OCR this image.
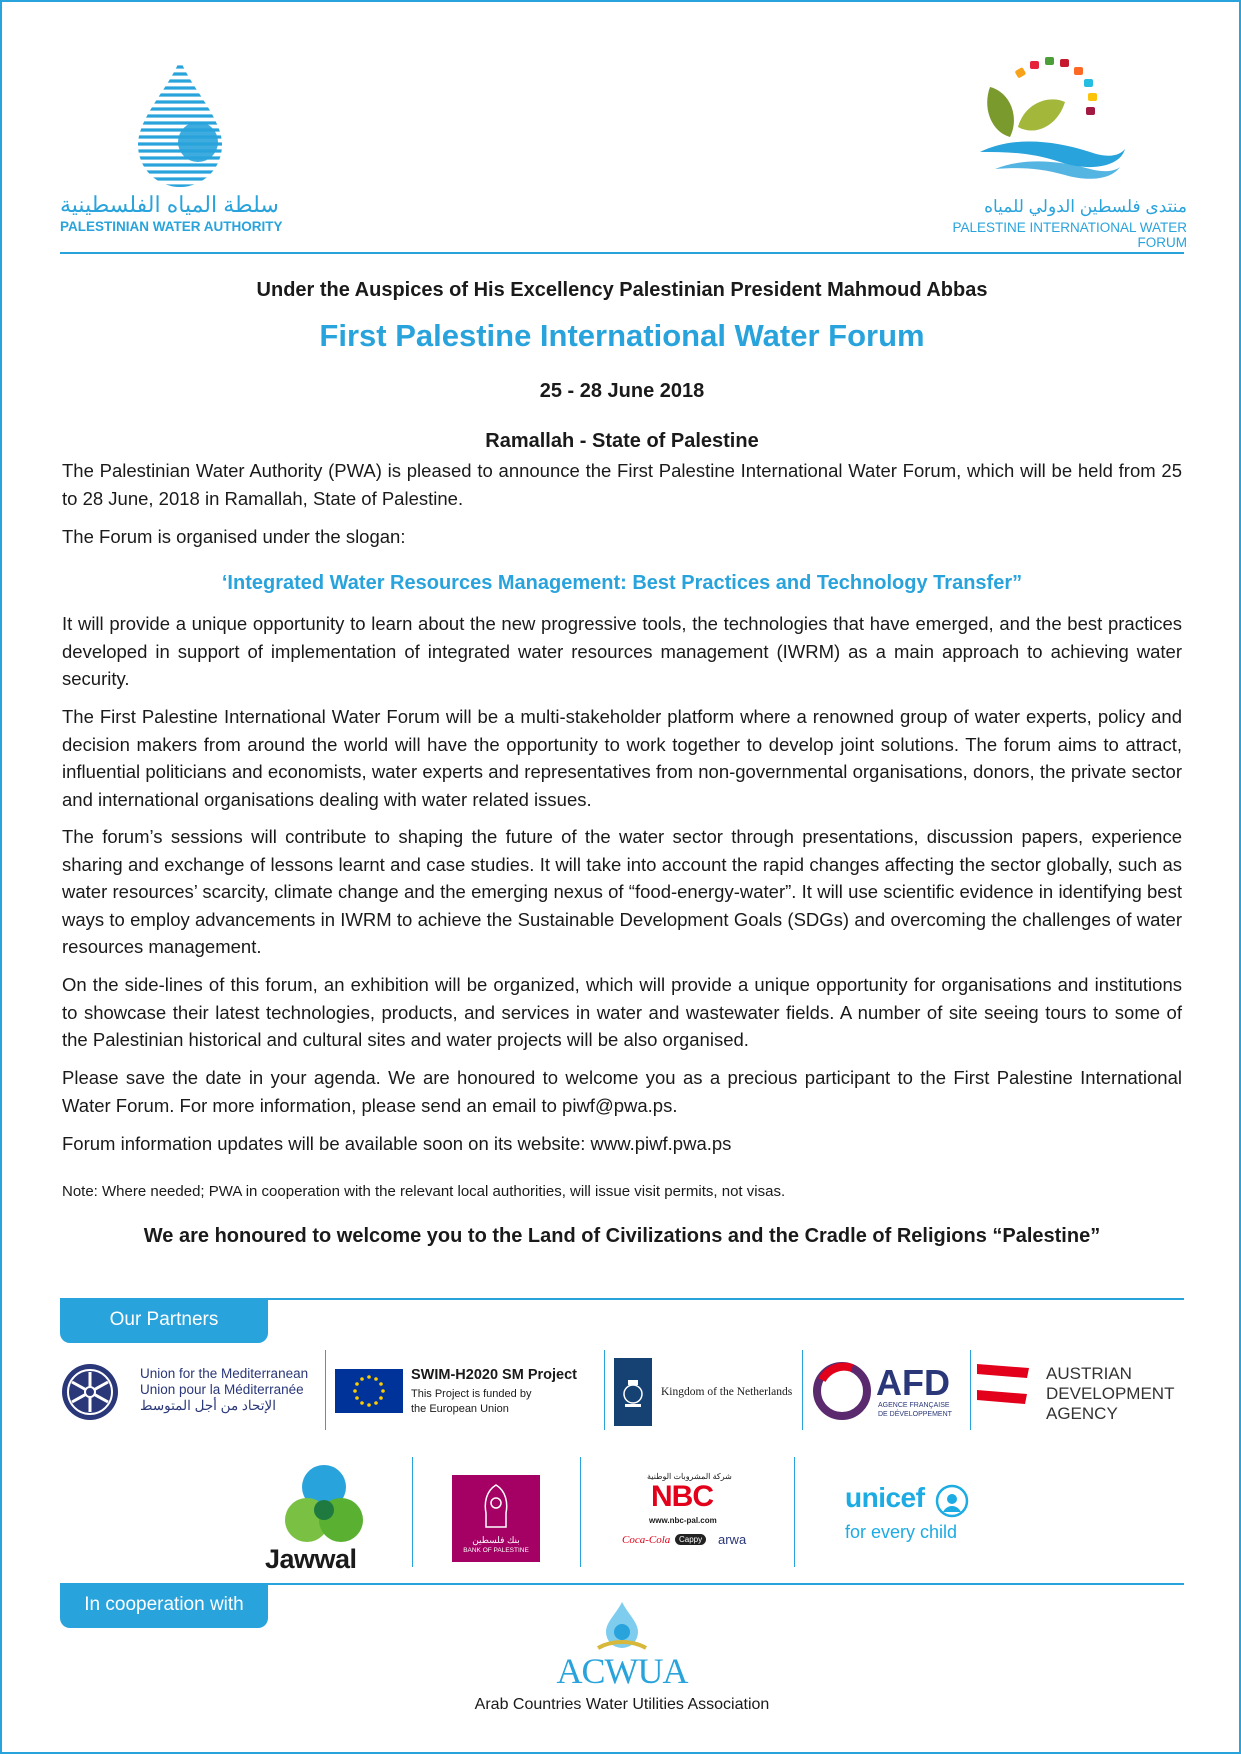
سلطة المياه الفلسطينية
PALESTINIAN WATER AUTHORITY
منتدى فلسطين الدولي للمياه
PALESTINE INTERNATIONAL WATER FORUM
Under the Auspices of His Excellency Palestinian President Mahmoud Abbas
First Palestine International Water Forum
25 - 28 June 2018
Ramallah - State of Palestine
The Palestinian Water Authority (PWA) is pleased to announce the First Palestine International Water Forum, which will be held from 25 to 28 June, 2018 in Ramallah, State of Palestine.
The Forum is organised under the slogan:
‘Integrated Water Resources Management: Best Practices and Technology Transfer”
It will provide a unique opportunity to learn about the new progressive tools, the technologies that have emerged, and the best practices developed in support of implementation of integrated water resources management (IWRM) as a main approach to achieving water security.
The First Palestine International Water Forum will be a multi-stakeholder platform where a renowned group of water experts, policy and decision makers from around the world will have the opportunity to work together to develop joint solutions. The forum aims to attract, influential politicians and economists, water experts and representatives from non-governmental organisations, donors, the private sector and international organisations dealing with water related issues.
The forum’s sessions will contribute to shaping the future of the water sector through presentations, discussion papers, experience sharing and exchange of lessons learnt and case studies. It will take into account the rapid changes affecting the sector globally, such as water resources’ scarcity, climate change and the emerging nexus of “food-energy-water”. It will use scientific evidence in identifying best ways to employ advancements in IWRM to achieve the Sustainable Development Goals (SDGs) and overcoming the challenges of water resources management.
On the side-lines of this forum, an exhibition will be organized, which will provide a unique opportunity for organisations and institutions to showcase their latest technologies, products, and services in water and wastewater fields. A number of site seeing tours to some of the Palestinian historical and cultural sites and water projects will be also organised.
Please save the date in your agenda. We are honoured to welcome you as a precious participant to the First Palestine International Water Forum. For more information, please send an email to piwf@pwa.ps.
Forum information updates will be available soon on its website: www.piwf.pwa.ps
Note: Where needed; PWA in cooperation with the relevant local authorities, will issue visit permits, not visas.
We are honoured to welcome you to the Land of Civilizations and the Cradle of Religions “Palestine”
Our Partners
Union for the Mediterranean
Union pour la Méditerranée
الإتحاد من أجل المتوسط
SWIM-H2020 SM Project
This Project is funded by
the European Union
Kingdom of the Netherlands AFD
AGENCE FRANÇAISE
DE DÉVELOPPEMENT
AUSTRIAN
DEVELOPMENT
AGENCY
Jawwal
بنك فلسطين
BANK OF PALESTINE
شركة المشروبات الوطنية
NBC
www.nbc-pal.com
Coca-Cola	Cappy	arwa
unicef
for every child
In cooperation with
ACWUA
Arab Countries Water Utilities Association
